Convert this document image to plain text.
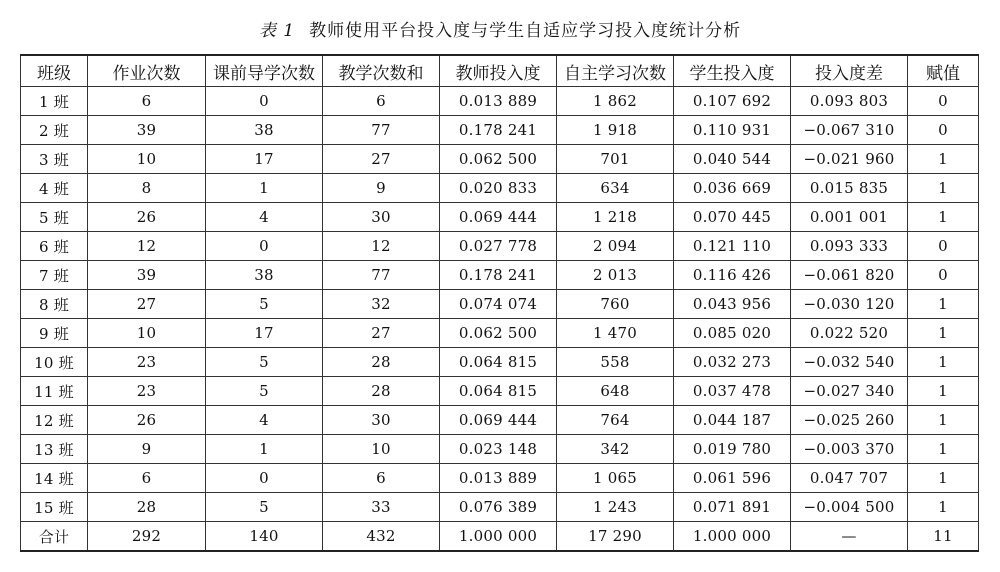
表 1 教师使用平台投入度与学生自适应学习投入度统计分析
班级	作业次数	课前导学次数	教学次数和	教师投入度	自主学习次数	学生投入度	投入度差	赋值
1 班	6	0	6	0.013 889	1 862	0.107 692	0.093 803	0
2 班	39	38	77	0.178 241	1 918	0.110 931	−0.067 310	0
3 班	10	17	27	0.062 500	701	0.040 544	−0.021 960	1
4 班	8	1	9	0.020 833	634	0.036 669	0.015 835	1
5 班	26	4	30	0.069 444	1 218	0.070 445	0.001 001	1
6 班	12	0	12	0.027 778	2 094	0.121 110	0.093 333	0
7 班	39	38	77	0.178 241	2 013	0.116 426	−0.061 820	0
8 班	27	5	32	0.074 074	760	0.043 956	−0.030 120	1
9 班	10	17	27	0.062 500	1 470	0.085 020	0.022 520	1
10 班	23	5	28	0.064 815	558	0.032 273	−0.032 540	1
11 班	23	5	28	0.064 815	648	0.037 478	−0.027 340	1
12 班	26	4	30	0.069 444	764	0.044 187	−0.025 260	1
13 班	9	1	10	0.023 148	342	0.019 780	−0.003 370	1
14 班	6	0	6	0.013 889	1 065	0.061 596	0.047 707	1
15 班	28	5	33	0.076 389	1 243	0.071 891	−0.004 500	1
合计	292	140	432	1.000 000	17 290	1.000 000	—	11
